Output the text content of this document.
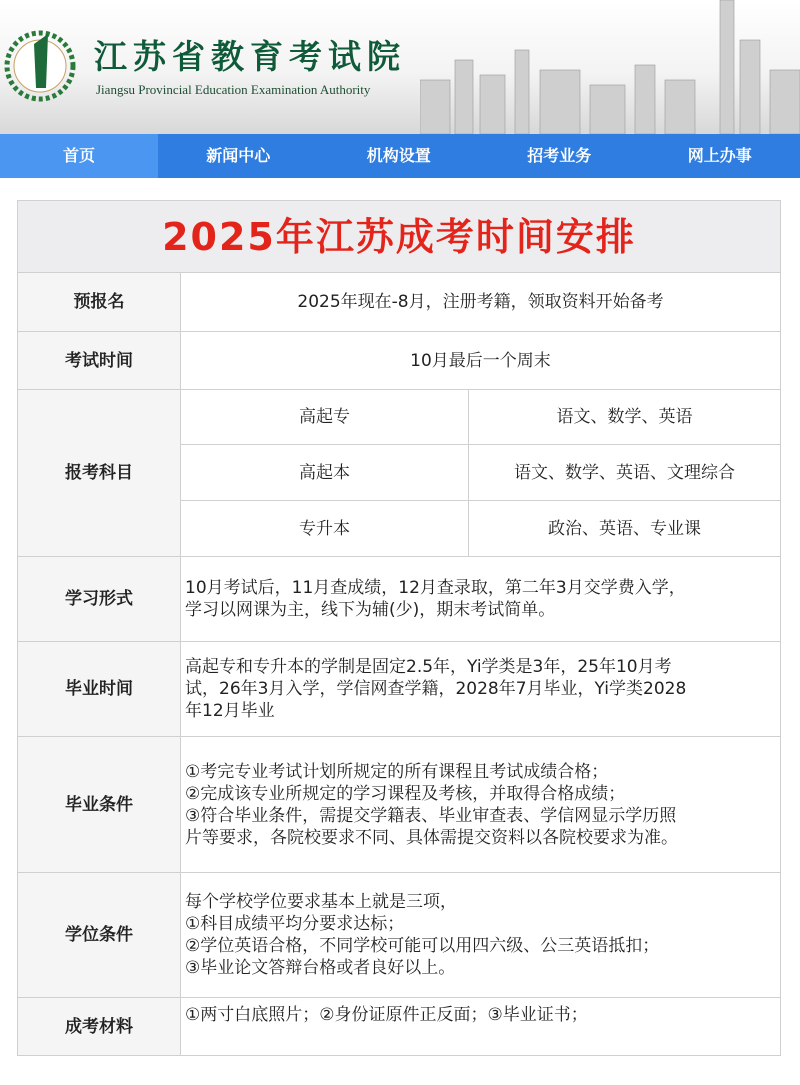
江苏省教育考试院
Jiangsu Provincial Education Examination Authority
首页	新闻中心	机构设置	招考业务	网上办事
2025年江苏成考时间安排		
预报名	2025年现在-8月，注册考籍，领取资料开始备考	
考试时间	10月最后一个周末	
报考科目	高起专	语文、数学、英语
	高起本	语文、数学、英语、文理综合
	专升本	政治、英语、专业课
学习形式	10月考试后，11月查成绩，12月查录取，第二年3月交学费入学，
学习以网课为主，线下为辅(少)，期末考试简单。	

毕业时间	高起专和专升本的学制是固定2.5年，Yi学类是3年，25年10月考
试，26年3月入学，学信网查学籍，2028年7月毕业，Yi学类2028
年12月毕业	

毕业条件	①考完专业考试计划所规定的所有课程且考试成绩合格；
②完成该专业所规定的学习课程及考核，并取得合格成绩；
③符合毕业条件，需提交学籍表、毕业审查表、学信网显示学历照
片等要求，各院校要求不同、具体需提交资料以各院校要求为准。	

学位条件	每个学校学位要求基本上就是三项，
①科目成绩平均分要求达标；
②学位英语合格，不同学校可能可以用四六级、公三英语抵扣；
③毕业论文答辩台格或者良好以上。	

成考材料	①两寸白底照片；②身份证原件正反面；③毕业证书；	
